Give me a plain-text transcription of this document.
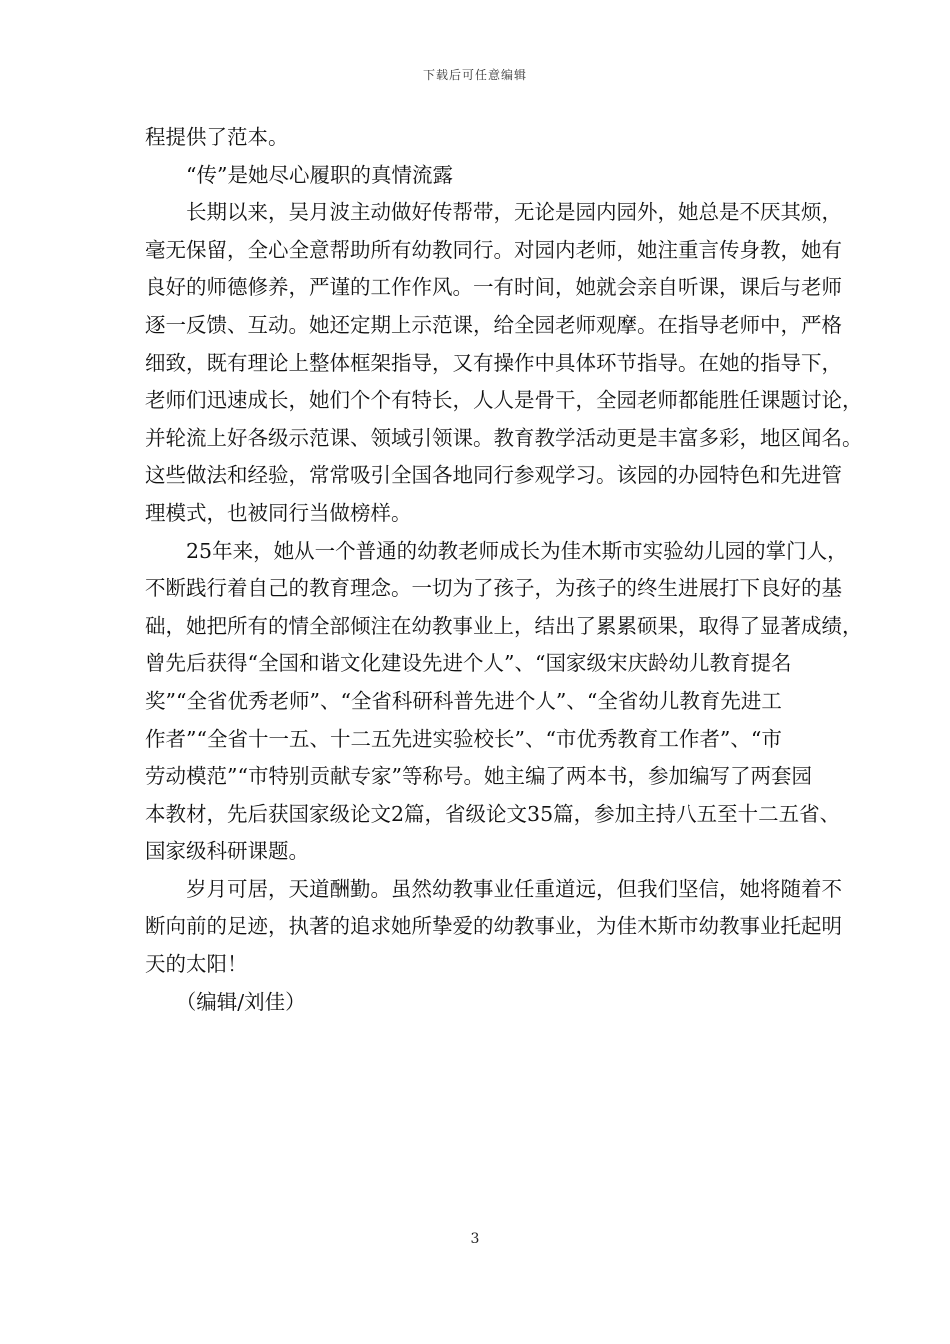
下载后可任意编辑
程提供了范本。
　　“传”是她尽心履职的真情流露
　　长期以来，吴月波主动做好传帮带，无论是园内园外，她总是不厌其烦，
毫无保留，全心全意帮助所有幼教同行。对园内老师，她注重言传身教，她有
良好的师德修养，严谨的工作作风。一有时间，她就会亲自听课，课后与老师
逐一反馈、互动。她还定期上示范课，给全园老师观摩。在指导老师中，严格
细致，既有理论上整体框架指导，又有操作中具体环节指导。在她的指导下，
老师们迅速成长，她们个个有特长，人人是骨干，全园老师都能胜任课题讨论，
并轮流上好各级示范课、领域引领课。教育教学活动更是丰富多彩，地区闻名。
这些做法和经验，常常吸引全国各地同行参观学习。该园的办园特色和先进管
理模式，也被同行当做榜样。
　　25年来，她从一个普通的幼教老师成长为佳木斯市实验幼儿园的掌门人，
不断践行着自己的教育理念。一切为了孩子，为孩子的终生进展打下良好的基
础，她把所有的情全部倾注在幼教事业上，结出了累累硕果，取得了显著成绩，
曾先后获得“全国和谐文化建设先进个人”、“国家级宋庆龄幼儿教育提名
奖”“全省优秀老师”、“全省科研科普先进个人”、“全省幼儿教育先进工
作者”“全省十一五、十二五先进实验校长”、“市优秀教育工作者”、“市
劳动模范”“市特别贡献专家”等称号。她主编了两本书，参加编写了两套园
本教材，先后获国家级论文2篇，省级论文35篇，参加主持八五至十二五省、
国家级科研课题。
　　岁月可居，天道酬勤。虽然幼教事业任重道远，但我们坚信，她将随着不
断向前的足迹，执著的追求她所挚爱的幼教事业，为佳木斯市幼教事业托起明
天的太阳！
　　（编辑/刘佳）
3
